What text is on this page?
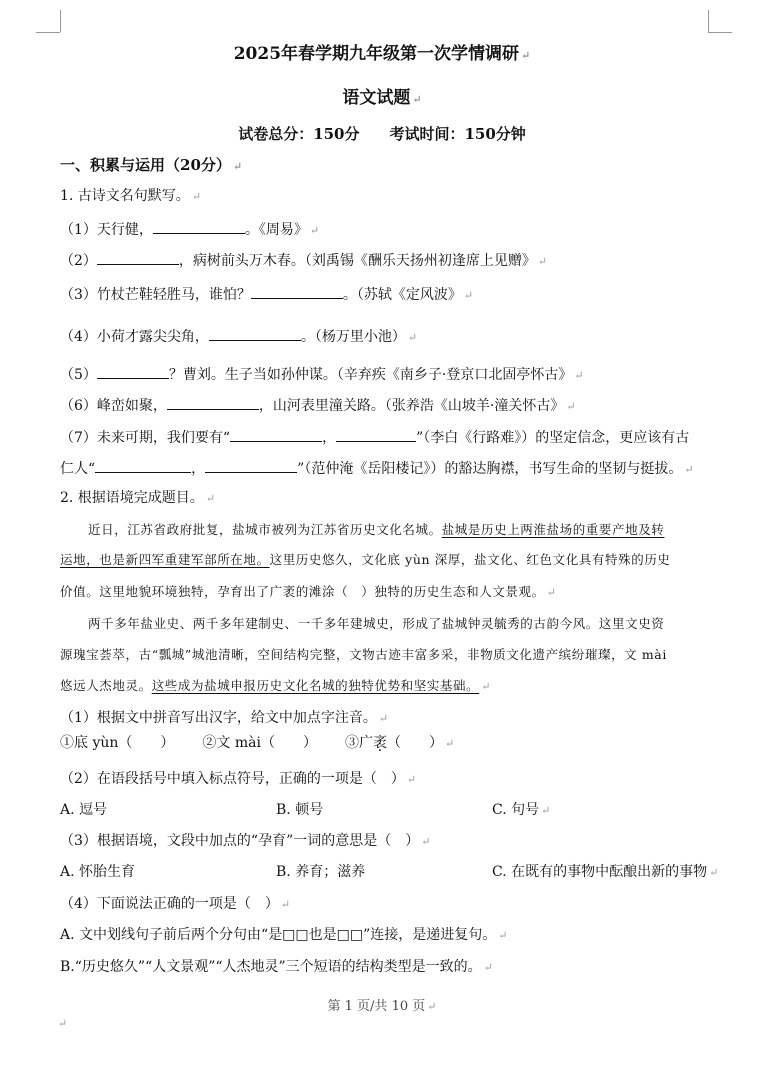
2025年春学期九年级第一次学情调研 ↵
语文试题 ↵
试卷总分：150分　　考试时间：150分钟
一、积累与运用（20分） ↵
1. 古诗文名句默写。 ↵
（1）天行健，	。《周易》 ↵
（2）	，病树前头万木春。（刘禹锡《酬乐天扬州初逢席上见赠》 ↵
（3）竹杖芒鞋轻胜马，谁怕？	。（苏轼《定风波》 ↵
（4）小荷才露尖尖角，	。（杨万里小池） ↵
（5）	？曹刘。生子当如孙仲谋。（辛弃疾《南乡子·登京口北固亭怀古》 ↵
（6）峰峦如聚，	，山河表里潼关路。（张养浩《山坡羊·潼关怀古》 ↵
（7）未来可期，我们要有“	，	”（李白《行路难》）的坚定信念，更应该有古
仁人“	，	”（范仲淹《岳阳楼记》）的豁达胸襟，书写生命的坚韧与挺拔。 ↵
2. 根据语境完成题目。 ↵
近日，江苏省政府批复，盐城市被列为江苏省历史文化名城。盐城是历史上两淮盐场的重要产地及转
运地，也是新四军重建军部所在地。这里历史悠久，文化底 yùn 深厚，盐文化、红色文化具有特殊的历史
价值。这里地貌环境独特，孕育出了广袤的滩涂（　）独特的历史生态和人文景观。 ↵
两千多年盐业史、两千多年建制史、一千多年建城史，形成了盐城钟灵毓秀的古韵今风。这里文史资
源瑰宝荟萃，古“瓢城”城池清晰，空间结构完整，文物古迹丰富多采，非物质文化遗产缤纷璀璨，文 mài
悠远人杰地灵。这些成为盐城申报历史文化名城的独特优势和坚实基础。 ↵
（1）根据文中拼音写出汉字，给文中加点字注音。 ↵
①底 yùn（　　） ②文 mài（　　） ③广袤（　　） ↵
（2）在语段括号中填入标点符号，正确的一项是（　） ↵
A. 逗号	B. 顿号	C. 句号 ↵
（3）根据语境，文段中加点的“孕育”一词的意思是（　） ↵
A. 怀胎生育	B. 养育；滋养	C. 在既有的事物中酝酿出新的事物 ↵
（4）下面说法正确的一项是（　） ↵
A. 文中划线句子前后两个分句由“是□□也是□□”连接，是递进复句。 ↵
B.“历史悠久”“人文景观”“人杰地灵”三个短语的结构类型是一致的。 ↵
第 1 页/共 10 页 ↵
↵
